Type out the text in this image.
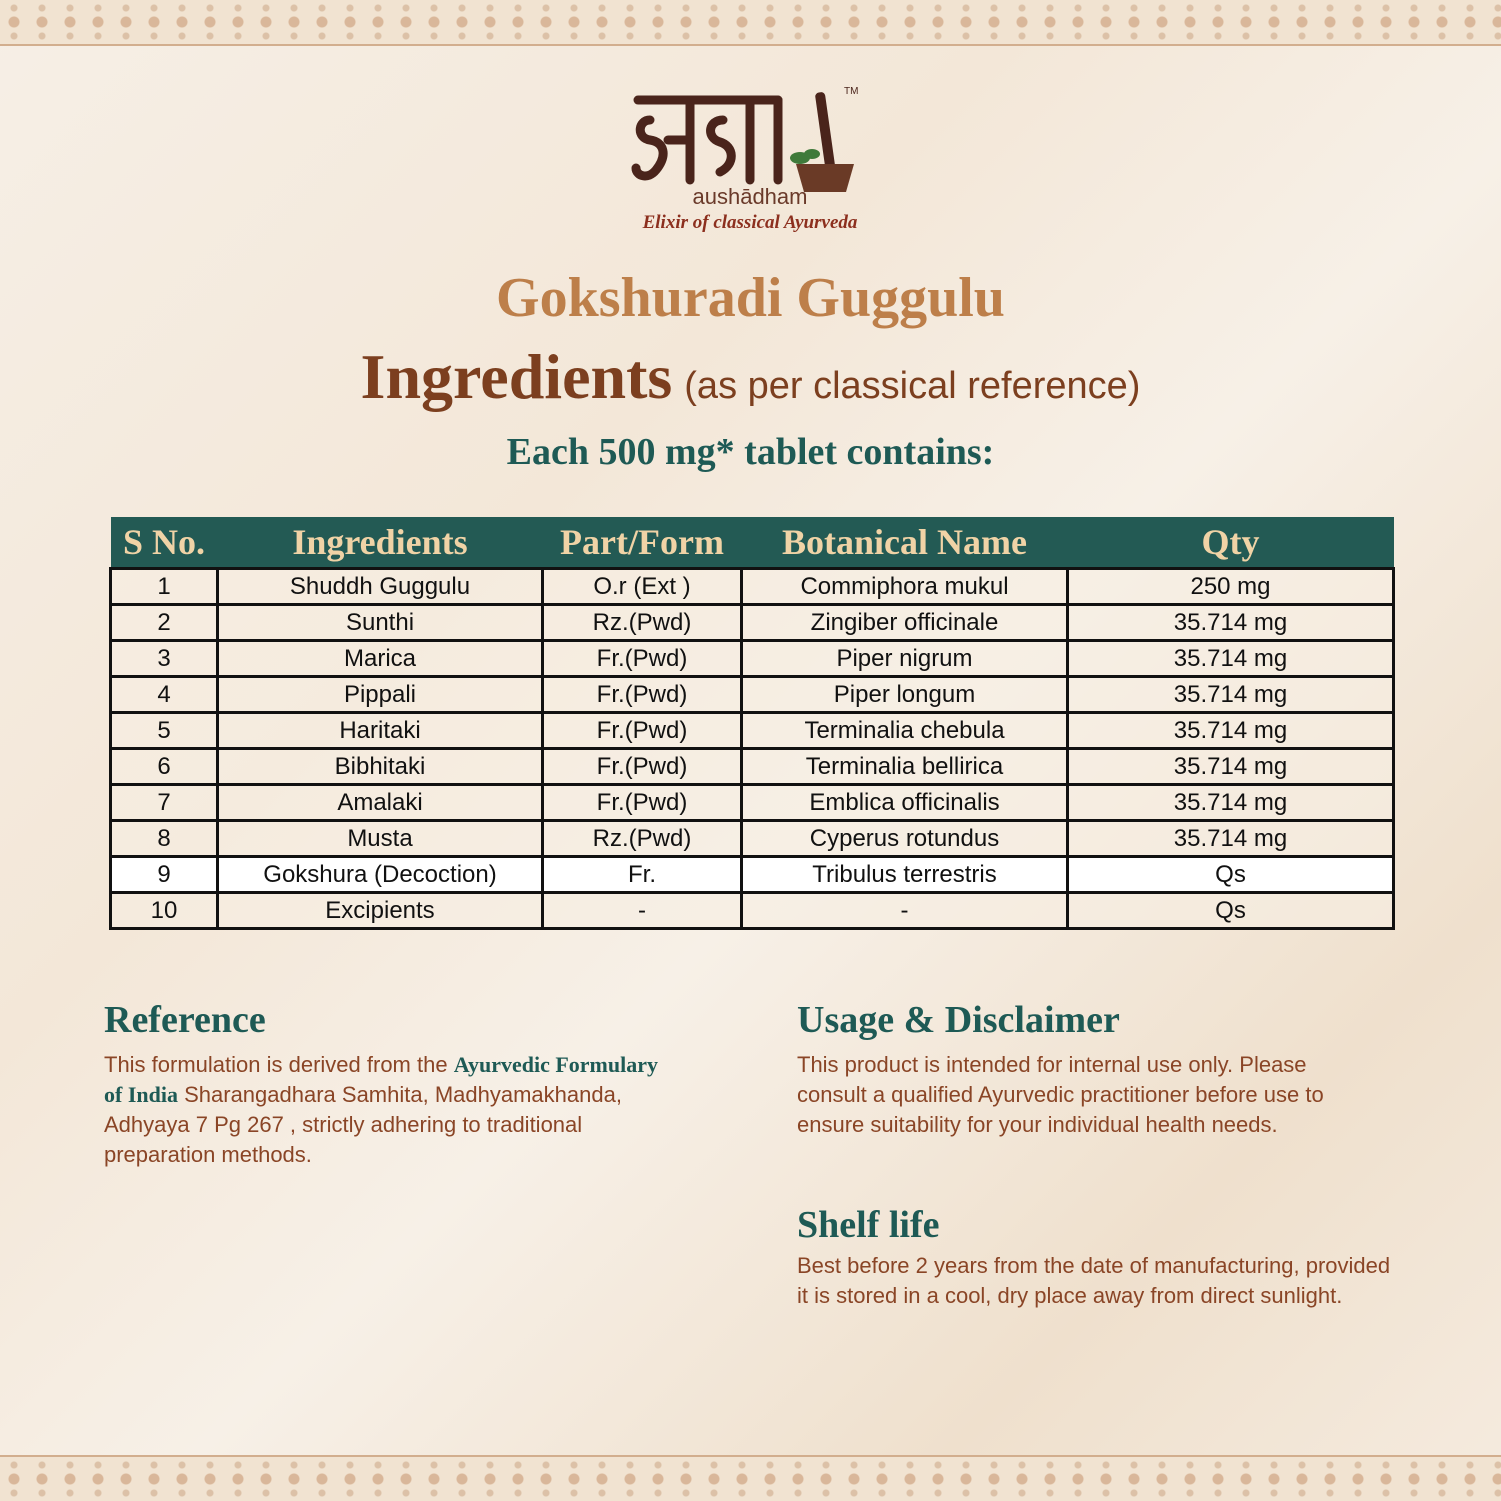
TM
aushādham
Elixir of classical Ayurveda
Gokshuradi Guggulu
Ingredients (as per classical reference)
Each 500 mg* tablet contains:
S No.	Ingredients	Part/Form	Botanical Name	Qty
1	Shuddh Guggulu	O.r (Ext )	Commiphora mukul	250 mg
2	Sunthi	Rz.(Pwd)	Zingiber officinale	35.714 mg
3	Marica	Fr.(Pwd)	Piper nigrum	35.714 mg
4	Pippali	Fr.(Pwd)	Piper longum	35.714 mg
5	Haritaki	Fr.(Pwd)	Terminalia chebula	35.714 mg
6	Bibhitaki	Fr.(Pwd)	Terminalia bellirica	35.714 mg
7	Amalaki	Fr.(Pwd)	Emblica officinalis	35.714 mg
8	Musta	Rz.(Pwd)	Cyperus rotundus	35.714 mg
9	Gokshura (Decoction)	Fr.	Tribulus terrestris	Qs
10	Excipients	-	-	Qs
Reference
This formulation is derived from the Ayurvedic Formulary of India Sharangadhara Samhita, Madhyamakhanda, Adhyaya 7 Pg 267 , strictly adhering to traditional preparation methods.
Usage & Disclaimer
This product is intended for internal use only. Please consult a qualified Ayurvedic practitioner before use to ensure suitability for your individual health needs.
Shelf life
Best before 2 years from the date of manufacturing, provided it is stored in a cool, dry place away from direct sunlight.
